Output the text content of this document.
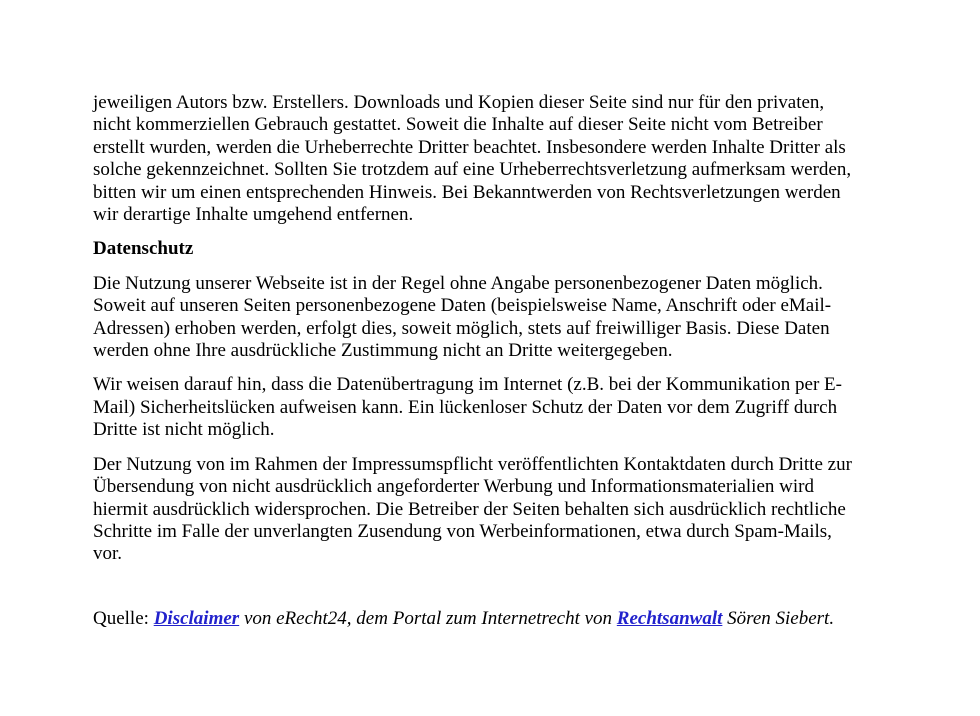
jeweiligen Autors bzw. Erstellers. Downloads und Kopien dieser Seite sind nur für den privaten,
nicht kommerziellen Gebrauch gestattet. Soweit die Inhalte auf dieser Seite nicht vom Betreiber
erstellt wurden, werden die Urheberrechte Dritter beachtet. Insbesondere werden Inhalte Dritter als
solche gekennzeichnet. Sollten Sie trotzdem auf eine Urheberrechtsverletzung aufmerksam werden,
bitten wir um einen entsprechenden Hinweis. Bei Bekanntwerden von Rechtsverletzungen werden
wir derartige Inhalte umgehend entfernen.

Datenschutz

Die Nutzung unserer Webseite ist in der Regel ohne Angabe personenbezogener Daten möglich.
Soweit auf unseren Seiten personenbezogene Daten (beispielsweise Name, Anschrift oder eMail-
Adressen) erhoben werden, erfolgt dies, soweit möglich, stets auf freiwilliger Basis. Diese Daten
werden ohne Ihre ausdrückliche Zustimmung nicht an Dritte weitergegeben.

Wir weisen darauf hin, dass die Datenübertragung im Internet (z.B. bei der Kommunikation per E-
Mail) Sicherheitslücken aufweisen kann. Ein lückenloser Schutz der Daten vor dem Zugriff durch
Dritte ist nicht möglich.

Der Nutzung von im Rahmen der Impressumspflicht veröffentlichten Kontaktdaten durch Dritte zur
Übersendung von nicht ausdrücklich angeforderter Werbung und Informationsmaterialien wird
hiermit ausdrücklich widersprochen. Die Betreiber der Seiten behalten sich ausdrücklich rechtliche
Schritte im Falle der unverlangten Zusendung von Werbeinformationen, etwa durch Spam-Mails,
vor.

Quelle: Disclaimer von eRecht24, dem Portal zum Internetrecht von Rechtsanwalt Sören Siebert.
